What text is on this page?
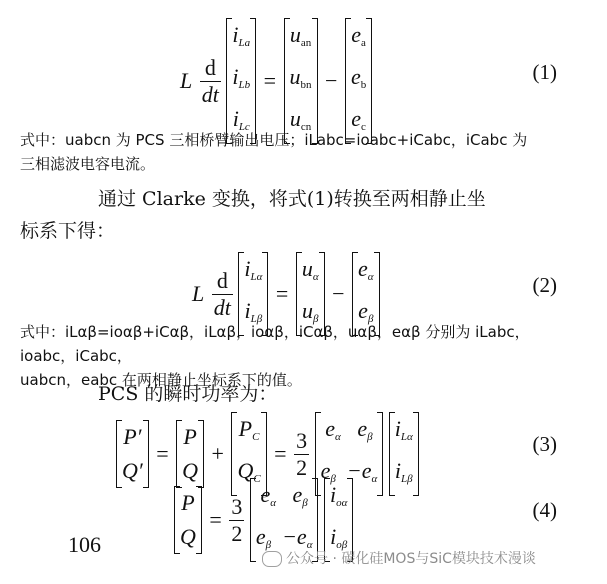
L $\frac{d}{dt}$

$i_{La}$
$i_{Lb}$
$i_{Lc}$
=
uan
ubn
ucn
−
ea
eb
ec
(1)
式中：uabcn 为 PCS 三相桥臂输出电压；iLabc=ioabc+iCabc，iCabc 为
三相滤波电容电流。
通过 Clarke 变换，将式(1)转换至两相静止坐
标系下得：
L $\frac{d}{dt}$
$i_{L\alpha}$
$i_{L\beta}$
=
$u_\alpha$
$u_\beta$
−
$e_\alpha$
$e_\beta$
(2)
式中：iLαβ=ioαβ+iCαβ，iLαβ，ioαβ，iCαβ，uαβ，eαβ 分别为 iLabc，ioabc，iCabc，
uabcn，eabc 在两相静止坐标系下的值。
PCS 的瞬时功率为：
P′
Q′
=
P
Q
+
$P_C$
$Q_C$
= $\frac{3}{2}$
$e_\alpha$ $e_\beta$
$e_\beta -e_\alpha$

$i_{L\alpha}$
$i_{L\beta}$
(3)
P
Q
= $\frac{3}{2}$
$e_\alpha$ $e_\beta$
$e_\beta -e_\alpha$

$i_{o\alpha}$
$i_{o\beta}$
(4)
106
公众号 · 碳化硅MOS与SiC模块技术漫谈
